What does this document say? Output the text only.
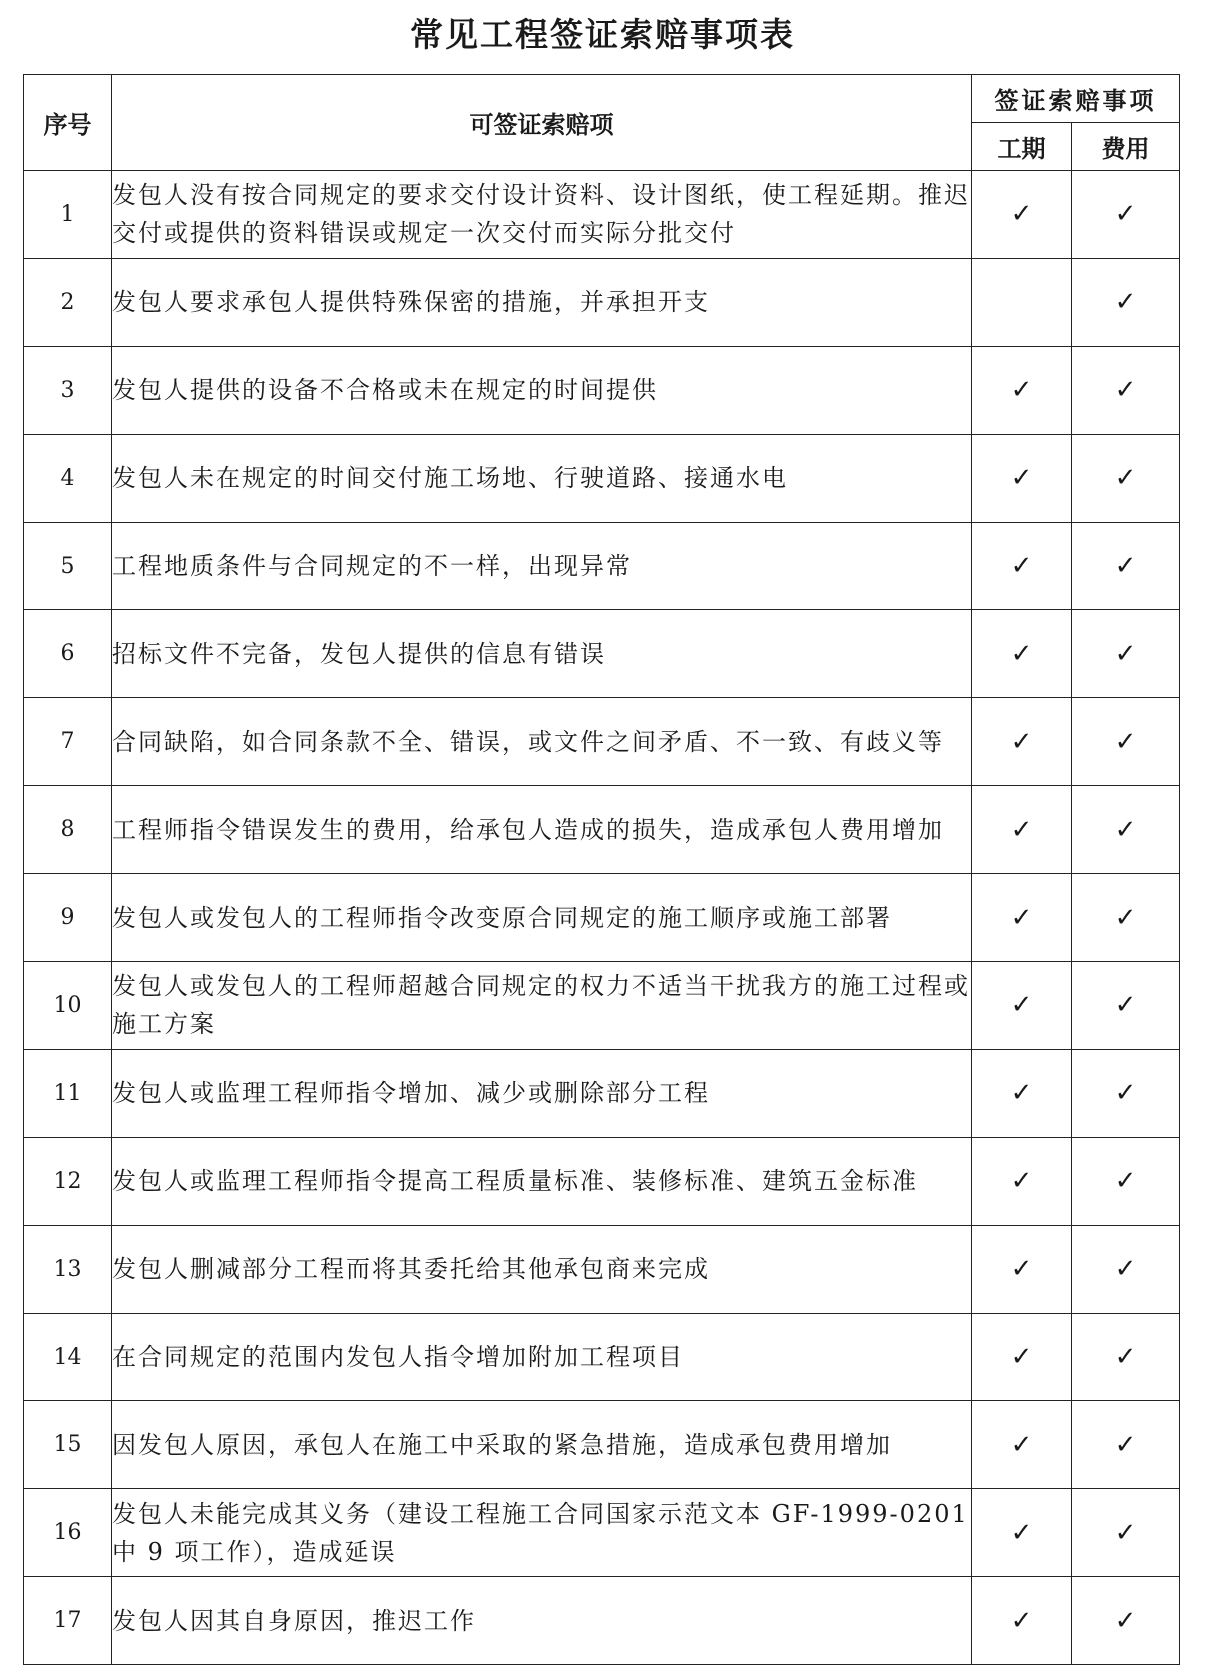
常见工程签证索赔事项表
序号	可签证索赔项	签证索赔事项	
		工期	费用
1	发包人没有按合同规定的要求交付设计资料、设计图纸，使工程延期。推迟交付或提供的资料错误或规定一次交付而实际分批交付	✓	✓
2	发包人要求承包人提供特殊保密的措施，并承担开支		✓
3	发包人提供的设备不合格或未在规定的时间提供	✓	✓
4	发包人未在规定的时间交付施工场地、行驶道路、接通水电	✓	✓
5	工程地质条件与合同规定的不一样，出现异常	✓	✓
6	招标文件不完备，发包人提供的信息有错误	✓	✓
7	合同缺陷，如合同条款不全、错误，或文件之间矛盾、不一致、有歧义等	✓	✓
8	工程师指令错误发生的费用，给承包人造成的损失，造成承包人费用增加	✓	✓
9	发包人或发包人的工程师指令改变原合同规定的施工顺序或施工部署	✓	✓
10	发包人或发包人的工程师超越合同规定的权力不适当干扰我方的施工过程或施工方案	✓	✓
11	发包人或监理工程师指令增加、减少或删除部分工程	✓	✓
12	发包人或监理工程师指令提高工程质量标准、装修标准、建筑五金标准	✓	✓
13	发包人删减部分工程而将其委托给其他承包商来完成	✓	✓
14	在合同规定的范围内发包人指令增加附加工程项目	✓	✓
15	因发包人原因，承包人在施工中采取的紧急措施，造成承包费用增加	✓	✓
16	发包人未能完成其义务（建设工程施工合同国家示范文本 GF-1999-0201 中 9 项工作），造成延误	✓	✓
17	发包人因其自身原因，推迟工作	✓	✓
